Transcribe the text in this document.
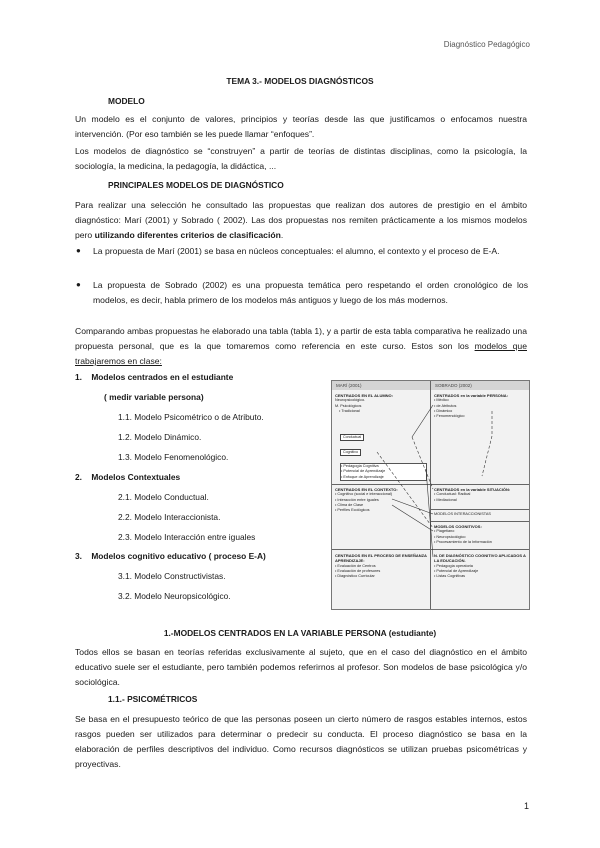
Diagnóstico Pedagógico
TEMA 3.- MODELOS DIAGNÓSTICOS
MODELO
Un modelo es el conjunto de valores, principios y teorías desde las que justificamos o enfocamos nuestra intervención. (Por eso también se les puede llamar “enfoques”.
Los modelos de diagnóstico se “construyen” a partir de teorías de distintas disciplinas, como la psicología, la sociología, la medicina, la pedagogía, la didáctica, ...
PRINCIPALES MODELOS DE DIAGNÓSTICO
Para realizar una selección he consultado las propuestas que realizan dos autores de prestigio en el ámbito diagnóstico: Marí (2001) y Sobrado ( 2002). Las dos propuestas nos remiten prácticamente a los mismos modelos pero utilizando diferentes criterios de clasificación.
● La propuesta de Marí (2001) se basa en núcleos conceptuales: el alumno, el contexto y el proceso de E-A.
● La propuesta de Sobrado (2002) es una propuesta temática pero respetando el orden cronológico de los modelos, es decir, habla primero de los modelos más antiguos y luego de los más modernos.
Comparando ambas propuestas he elaborado una tabla (tabla 1), y a partir de esta tabla comparativa he realizado una propuesta personal, que es la que tomaremos como referencia en este curso. Estos son los modelos que trabajaremos en clase:
1. Modelos centrados en el estudiante
( medir variable persona)
1.1. Modelo Psicométrico o de Atributo.
1.2. Modelo Dinámico.
1.3. Modelo Fenomenológico.
2. Modelos Contextuales
2.1. Modelo Conductual.
2.2. Modelo Interaccionista.
2.3. Modelo Interacción entre iguales
3. Modelos cognitivo educativo ( proceso E-A)
3.1. Modelo Constructivistas.
3.2. Modelo Neuropsicológico.
MARÍ (2001)	SOBRADO (2002)
CENTRADOS EN EL ALUMNO:
Neuropsicológico.
M. Psicológicos
• Tradicional
Conductual
Cognitivo
• Pedagogía Cognitiva
• Potencial de Aprendizaje
• Enfoque de Aprendizaje
CENTRADOS en la variable PERSONA:
• Médico
• de Atributos
• Dinámico
• Fenomenológico
CENTRADOS EN EL CONTEXTO:
• Cognitivo (social e interaccional)
• Interacción entre iguales
• Clima de Clase
• Perfiles Ecológicos
CENTRADOS en la variable SITUACIÓN:
• Conductual: Radical
• Mediacional
MODELOS INTERACCIONISTAS
MODELOS COGNITIVOS:
• Piagetiano
• Neuropsicológico
• Procesamiento de la Información
CENTRADOS EN EL PROCESO DE ENSEÑANZA APRENDIZAJE:
• Evaluación de Centros
• Evaluación de profesores
• Diagnóstico Curricular
N. DE DIAGNÓSTICO COGNITIVO APLICADOS A LA EDUCACIÓN.
• Pedagogía operatoria
• Potencial de Aprendizaje
• Listas Cognitivas
1.-MODELOS CENTRADOS EN LA VARIABLE PERSONA (estudiante)
Todos ellos se basan en teorías referidas exclusivamente al sujeto, que en el caso del diagnóstico en el ámbito educativo suele ser el estudiante, pero también podemos referirnos al profesor. Son modelos de base psicológica y/o sociológica.
1.1.- PSICOMÉTRICOS
Se basa en el presupuesto teórico de que las personas poseen un cierto número de rasgos estables internos, estos rasgos pueden ser utilizados para determinar o predecir su conducta. El proceso diagnóstico se basa en la elaboración de perfiles descriptivos del individuo. Como recursos diagnósticos se utilizan pruebas psicométricas y proyectivas.
1
